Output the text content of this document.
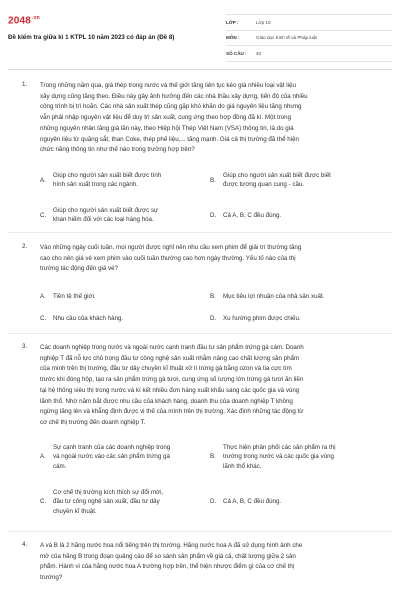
$2048^{.vn}$
Đề kiểm tra giữa kì 1 KTPL 10 năm 2023 có đáp án (Đề 8)
LỚP :	Lớp 10
MÔN :	Giáo dục Kinh tế và Pháp luật
SỐ CÂU :	40
1. Trong những năm qua, giá thép trong nước và thế giới tăng liên tục kéo giá nhiều loại vật liệu
xây dựng cũng tăng theo. Điều này gây ảnh hưởng đến các nhà thầu xây dựng, tiến độ của nhiều
công trình bị trì hoãn. Các nhà sản xuất thép cũng gặp khó khăn do giá nguyên liệu tăng nhưng
vẫn phải nhập nguyên vật liệu để duy trì sản xuất, cung ứng theo hợp đồng đã kí. Một trong
những nguyên nhân tăng giá lần này, theo Hiệp hội Thép Việt Nam (VSA) thông tin, là do giá
nguyên liệu từ quặng sắt, than Coke, thép phế liệu,... tăng mạnh. Giá cả thị trường đã thể hiện
chức năng thông tin như thế nào trong trường hợp trên?
A.
Giúp cho người sản xuất biết được tình
hình sản xuất trong các ngành.
B.
Giúp cho người sản xuất biết được biết
được tương quan cung - cầu.
C.
Giúp cho người sản xuất biết được sự
khan hiếm đối với các loại hàng hóa.
D.	Cả A, B, C đều đúng.
2. Vào những ngày cuối tuần, mọi người được nghỉ nên nhu cầu xem phim để giải trí thường tăng
cao cho nên giá vé xem phim vào cuối tuần thường cao hơn ngày thường. Yếu tố nào của thị
trường tác động đến giá vé?
A.	Tiền tệ thế giới.	B.	Mục tiêu lợi nhuận của nhà sản xuất.
C.	Nhu cầu của khách hàng.	D.	Xu hướng phim được chiếu.
3. Các doanh nghiệp trong nước và ngoài nước cạnh tranh đầu tư sản phẩm trứng gà cám. Doanh
nghiệp T đã nỗ lực chủ trọng đầu tư công nghệ sản xuất nhằm nâng cao chất lượng sản phẩm
của mình trên thị trường, đầu tư dây chuyền kĩ thuật xử lí trứng gà bằng ozon và tia cực tím
trước khi đóng hộp, tạo ra sản phẩm trứng gà tươi, cung ứng số lượng lớn trứng gà tươi ăn liền
tại hệ thống siêu thị trong nước và kí kết nhiều đơn hàng xuất khẩu sang các quốc gia và vùng
lãnh thổ. Nhờ năm bắt được nhu cầu của khách hàng, doanh thu của doanh nghiệp T không
ngừng tăng lên và khẳng định được vị thế của mình trên thị trường. Xác định những tác động từ
cơ chế thị trường đến doanh nghiệp T.
A.
Sự cạnh tranh của các doanh nghiệp trong
và ngoài nước vào các sản phẩm trứng gà
cám.
B.
Thực hiện phân phối các sản phẩm ra thị
trường trong nước và các quốc gia vùng
lãnh thổ khác.
C.
Cơ chế thị trường kích thích sự đổi mới,
đầu tư công nghệ sản xuất, đầu tư dây
chuyền kĩ thuật.
D.	Cả A, B, C đều đúng.
4. A và B là 2 hãng nước hoa nổi tiếng trên thị trường. Hãng nước hoa A đã sử dụng hình ảnh che
mờ của hãng B trong đoạn quảng cáo để so sánh sản phẩm về giá cả, chất lượng giữa 2 sản
phẩm. Hành vi của hãng nước hoa A trường hợp trên, thể hiện nhược điểm gì của cơ chế thị
trường?
